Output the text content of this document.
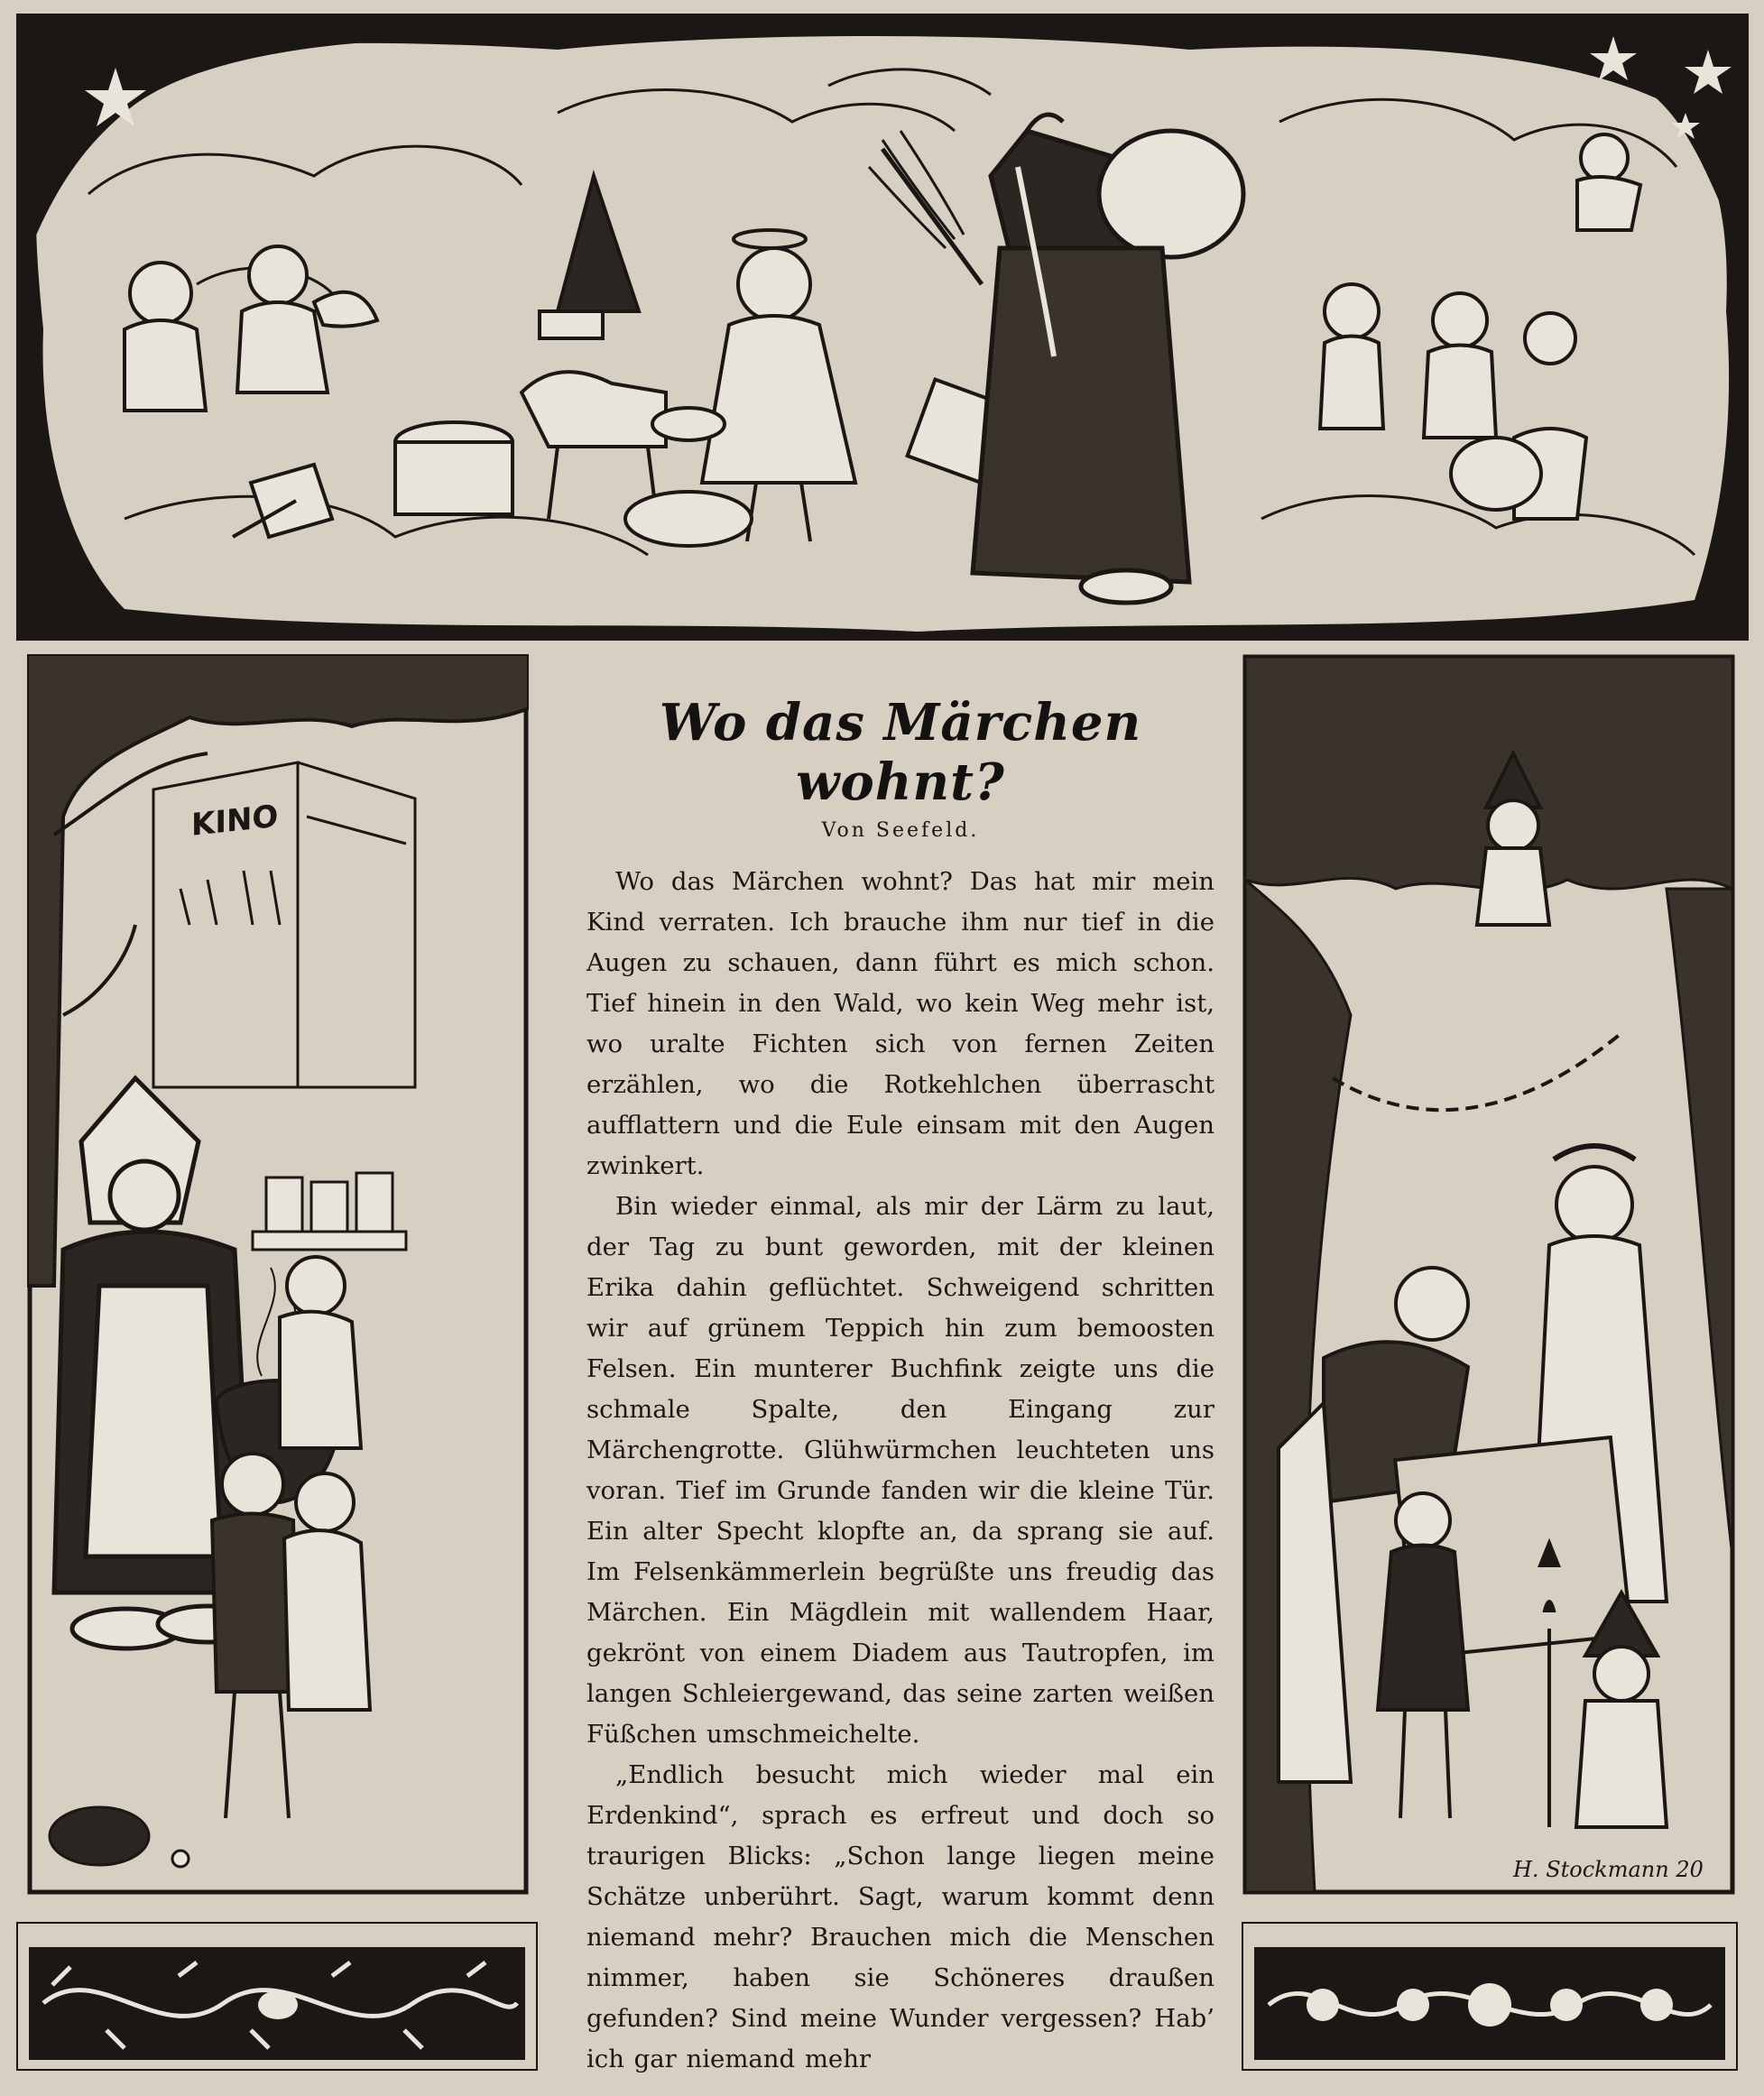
KINO
Wo das Märchen wohnt?
Von Seefeld.

Wo das Märchen wohnt? Das hat mir mein Kind verraten. Ich brauche ihm nur tief in die Augen zu schauen, dann führt es mich schon. Tief hinein in den Wald, wo kein Weg mehr ist, wo uralte Fichten sich von fernen Zeiten erzählen, wo die Rotkehlchen überrascht aufflattern und die Eule einsam mit den Augen zwinkert.

Bin wieder einmal, als mir der Lärm zu laut, der Tag zu bunt geworden, mit der kleinen Erika dahin geflüchtet. Schweigend schritten wir auf grünem Teppich hin zum bemoosten Felsen. Ein munterer Buchfink zeigte uns die schmale Spalte, den Eingang zur Märchengrotte. Glühwürmchen leuchteten uns voran. Tief im Grunde fanden wir die kleine Tür. Ein alter Specht klopfte an, da sprang sie auf. Im Felsenkämmerlein begrüßte uns freudig das Märchen. Ein Mägdlein mit wallendem Haar, gekrönt von einem Diadem aus Tautropfen, im langen Schleiergewand, das seine zarten weißen Füßchen umschmeichelte.

„Endlich besucht mich wieder mal ein Erdenkind“, sprach es erfreut und doch so traurigen Blicks: „Schon lange liegen meine Schätze unberührt. Sagt, warum kommt denn niemand mehr? Brauchen mich die Menschen nimmer, haben sie Schöneres draußen gefunden? Sind meine Wunder vergessen? Hab’ ich gar niemand mehr

H. Stockmann 20
